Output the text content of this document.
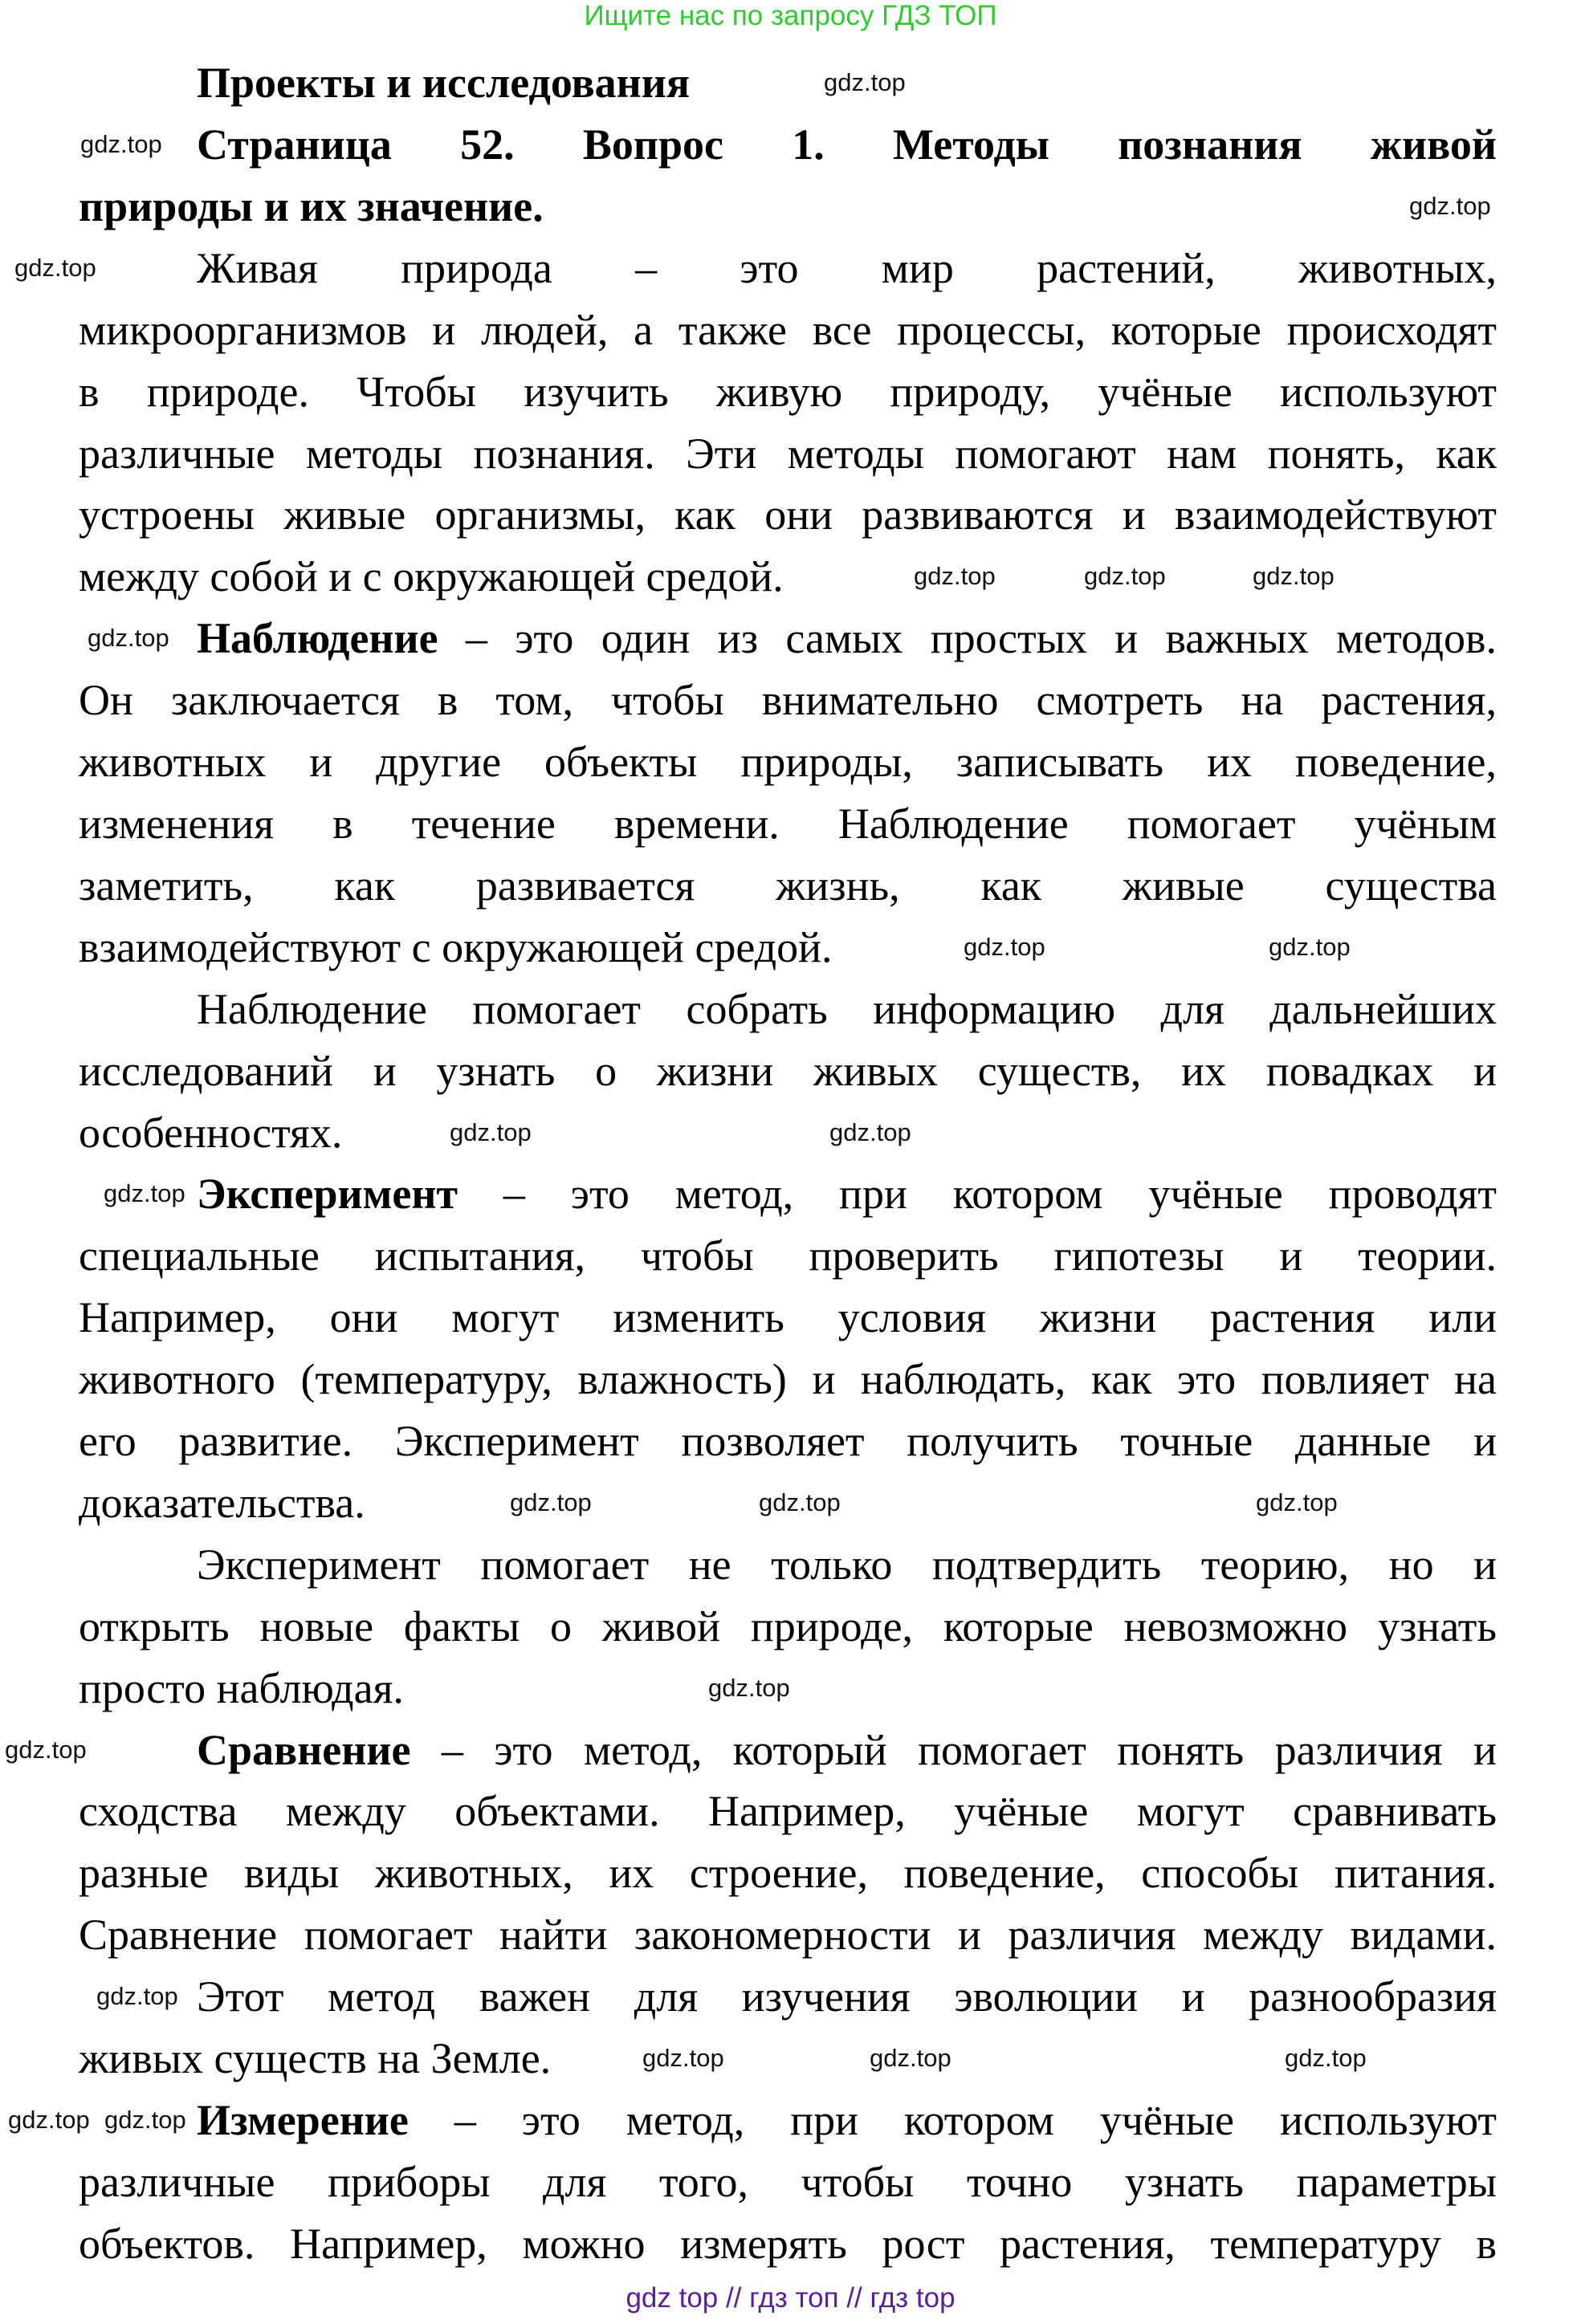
Ищите нас по запросу ГДЗ ТОП
Проекты и исследования
Страница 52. Вопрос 1. Методы познания живой
природы и их значение.
Живая природа – это мир растений, животных,
микроорганизмов и людей, а также все процессы, которые происходят
в природе. Чтобы изучить живую природу, учёные используют
различные методы познания. Эти методы помогают нам понять, как
устроены живые организмы, как они развиваются и взаимодействуют
между собой и с окружающей средой.
Наблюдение – это один из самых простых и важных методов.
Он заключается в том, чтобы внимательно смотреть на растения,
животных и другие объекты природы, записывать их поведение,
изменения в течение времени. Наблюдение помогает учёным
заметить, как развивается жизнь, как живые существа
взаимодействуют с окружающей средой.
Наблюдение помогает собрать информацию для дальнейших
исследований и узнать о жизни живых существ, их повадках и
особенностях.
Эксперимент – это метод, при котором учёные проводят
специальные испытания, чтобы проверить гипотезы и теории.
Например, они могут изменить условия жизни растения или
животного (температуру, влажность) и наблюдать, как это повлияет на
его развитие. Эксперимент позволяет получить точные данные и
доказательства.
Эксперимент помогает не только подтвердить теорию, но и
открыть новые факты о живой природе, которые невозможно узнать
просто наблюдая.
Сравнение – это метод, который помогает понять различия и
сходства между объектами. Например, учёные могут сравнивать
разные виды животных, их строение, поведение, способы питания.
Сравнение помогает найти закономерности и различия между видами.
Этот метод важен для изучения эволюции и разнообразия
живых существ на Земле.
Измерение – это метод, при котором учёные используют
различные приборы для того, чтобы точно узнать параметры
объектов. Например, можно измерять рост растения, температуру в
gdz.top
gdz.top
gdz.top
gdz.top
gdz.top	gdz.top	gdz.top
gdz.top
gdz.top	gdz.top
gdz.top	gdz.top
gdz.top
gdz.top	gdz.top	gdz.top
gdz.top
gdz.top
gdz.top
gdz.top	gdz.top	gdz.top
gdz.top gdz.top
gdz top // гдз топ // гдз top
